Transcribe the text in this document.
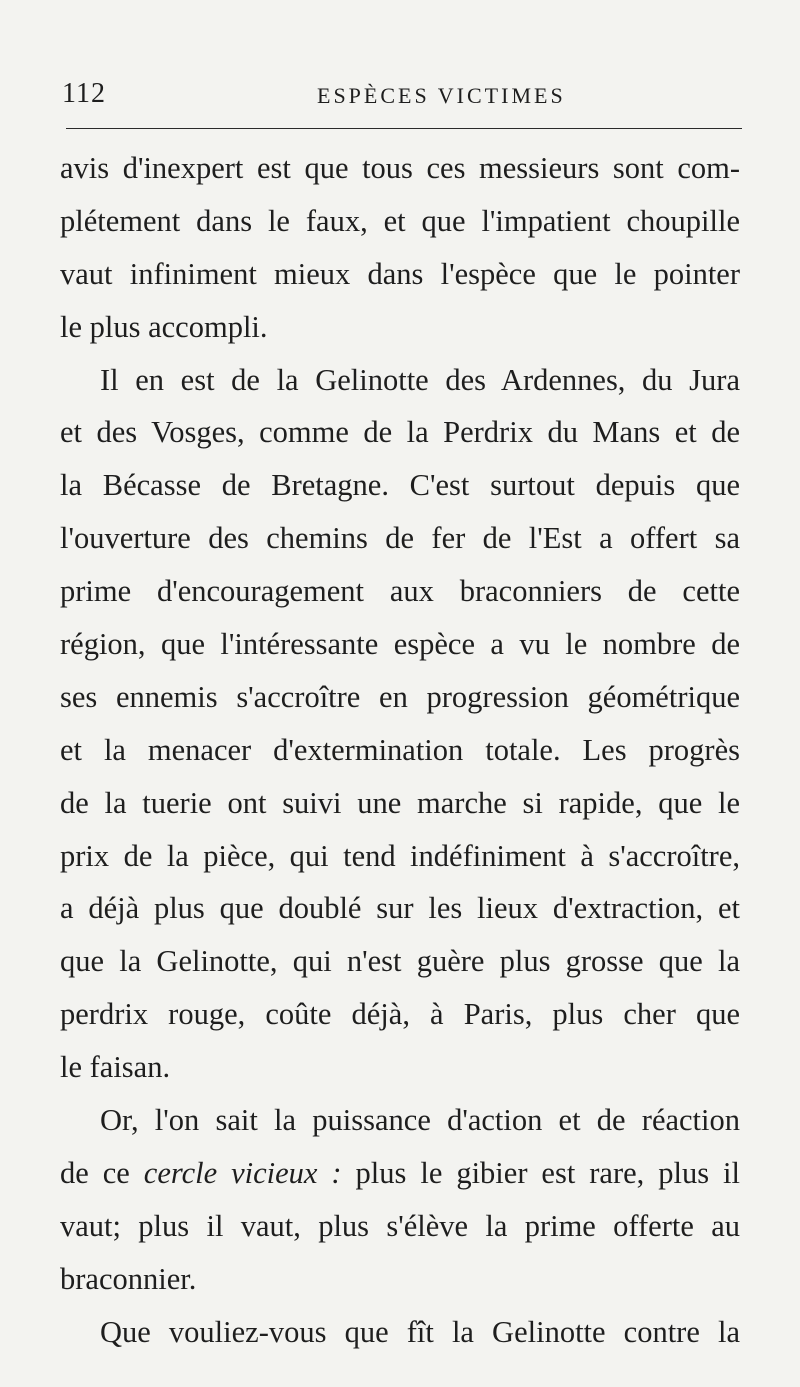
112	ESPÈCES VICTIMES
avis d'inexpert est que tous ces messieurs sont com-
plétement dans le faux, et que l'impatient choupille
vaut infiniment mieux dans l'espèce que le pointer
le plus accompli.
Il en est de la Gelinotte des Ardennes, du Jura
et des Vosges, comme de la Perdrix du Mans et de
la Bécasse de Bretagne. C'est surtout depuis que
l'ouverture des chemins de fer de l'Est a offert sa
prime d'encouragement aux braconniers de cette
région, que l'intéressante espèce a vu le nombre de
ses ennemis s'accroître en progression géométrique
et la menacer d'extermination totale. Les progrès
de la tuerie ont suivi une marche si rapide, que le
prix de la pièce, qui tend indéfiniment à s'accroître,
a déjà plus que doublé sur les lieux d'extraction, et
que la Gelinotte, qui n'est guère plus grosse que la
perdrix rouge, coûte déjà, à Paris, plus cher que
le faisan.
Or, l'on sait la puissance d'action et de réaction
de ce cercle vicieux : plus le gibier est rare, plus il
vaut; plus il vaut, plus s'élève la prime offerte au
braconnier.
Que vouliez-vous que fît la Gelinotte contre la
